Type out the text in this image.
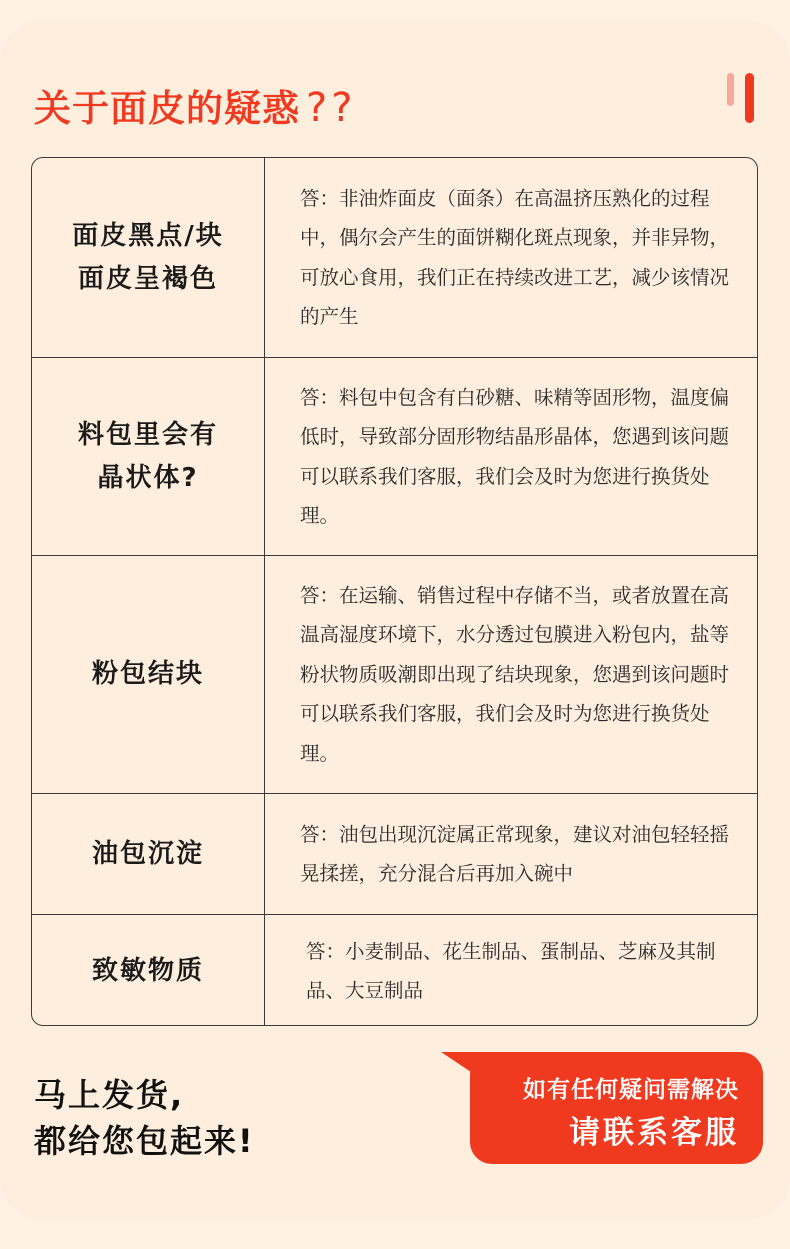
关于面皮的疑惑 ??
面皮黑点/块
面皮呈褐色
答：非油炸面皮（面条）在高温挤压熟化的过程中，偶尔会产生的面饼糊化斑点现象，并非异物，可放心食用，我们正在持续改进工艺，减少该情况的产生
料包里会有
晶状体?
答：料包中包含有白砂糖、味精等固形物，温度偏低时，导致部分固形物结晶形晶体，您遇到该问题可以联系我们客服，我们会及时为您进行换货处理。
粉包结块
答：在运输、销售过程中存储不当，或者放置在高温高湿度环境下，水分透过包膜进入粉包内，盐等粉状物质吸潮即出现了结块现象，您遇到该问题时可以联系我们客服，我们会及时为您进行换货处理。
油包沉淀
答：油包出现沉淀属正常现象，建议对油包轻轻摇晃揉搓，充分混合后再加入碗中
致敏物质
答：小麦制品、花生制品、蛋制品、芝麻及其制品、大豆制品
马上发货,
都给您包起来!
如有任何疑问需解决
请联系客服
